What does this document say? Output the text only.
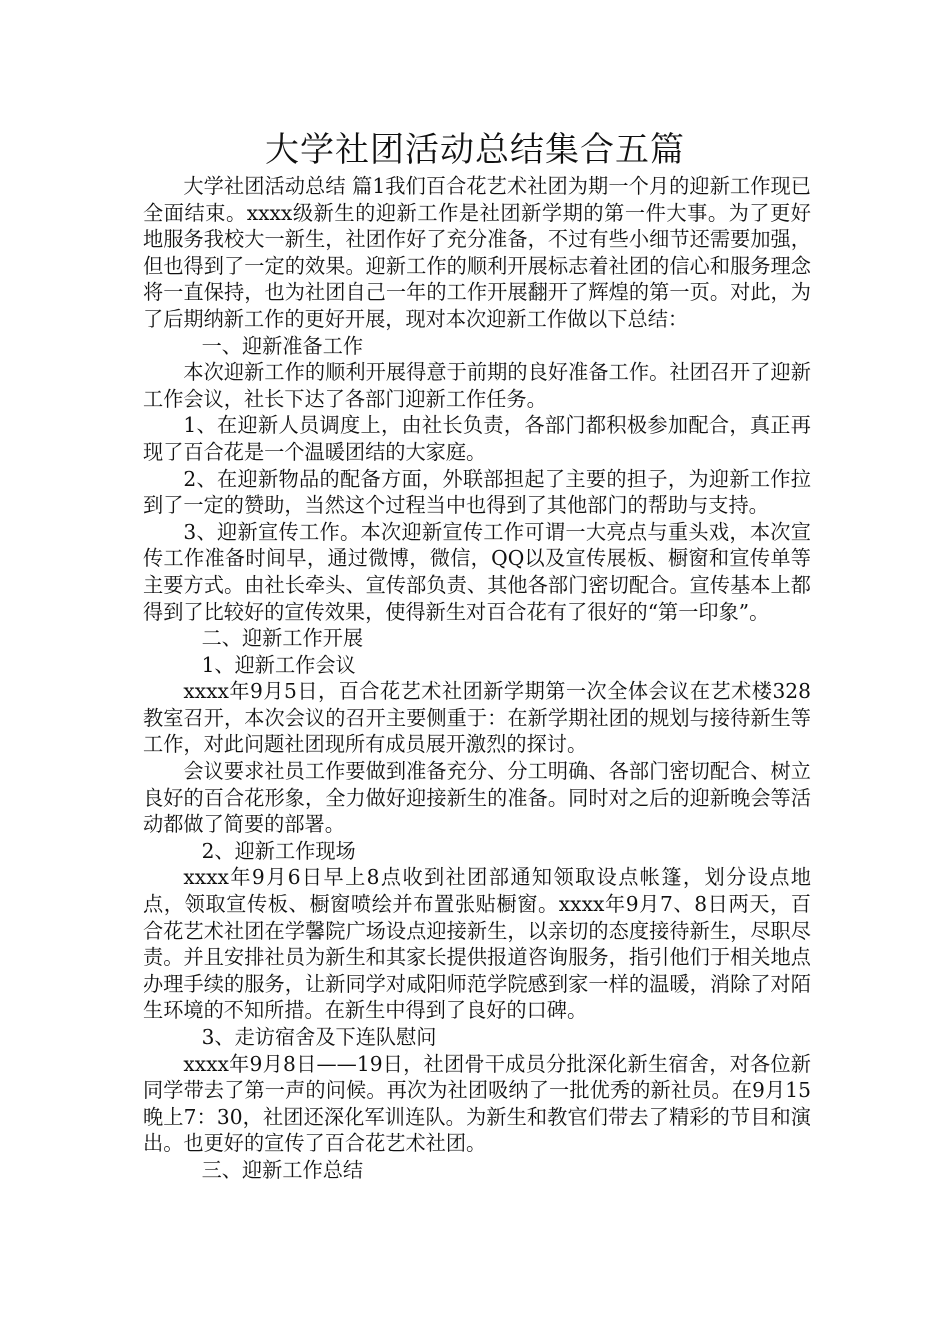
大学社团活动总结集合五篇

大学社团活动总结 篇1我们百合花艺术社团为期一个月的迎新工作现已全面结束。xxxx级新生的迎新工作是社团新学期的第一件大事。为了更好地服务我校大一新生，社团作好了充分准备，不过有些小细节还需要加强，但也得到了一定的效果。迎新工作的顺利开展标志着社团的信心和服务理念将一直保持，也为社团自己一年的工作开展翻开了辉煌的第一页。对此，为了后期纳新工作的更好开展，现对本次迎新工作做以下总结：

一、迎新准备工作

本次迎新工作的顺利开展得意于前期的良好准备工作。社团召开了迎新工作会议，社长下达了各部门迎新工作任务。

1、在迎新人员调度上，由社长负责，各部门都积极参加配合，真正再现了百合花是一个温暖团结的大家庭。

2、在迎新物品的配备方面，外联部担起了主要的担子，为迎新工作拉到了一定的赞助，当然这个过程当中也得到了其他部门的帮助与支持。

3、迎新宣传工作。本次迎新宣传工作可谓一大亮点与重头戏，本次宣传工作准备时间早，通过微博，微信，QQ以及宣传展板、橱窗和宣传单等主要方式。由社长牵头、宣传部负责、其他各部门密切配合。宣传基本上都得到了比较好的宣传效果，使得新生对百合花有了很好的“第一印象”。

二、迎新工作开展

1、迎新工作会议

xxxx年9月5日，百合花艺术社团新学期第一次全体会议在艺术楼328教室召开，本次会议的召开主要侧重于：在新学期社团的规划与接待新生等工作，对此问题社团现所有成员展开激烈的探讨。

会议要求社员工作要做到准备充分、分工明确、各部门密切配合、树立良好的百合花形象，全力做好迎接新生的准备。同时对之后的迎新晚会等活动都做了简要的部署。

2、迎新工作现场

xxxx年9月6日早上8点收到社团部通知领取设点帐篷，划分设点地点，领取宣传板、橱窗喷绘并布置张贴橱窗。xxxx年9月7、8日两天，百合花艺术社团在学馨院广场设点迎接新生，以亲切的态度接待新生，尽职尽责。并且安排社员为新生和其家长提供报道咨询服务，指引他们于相关地点办理手续的服务，让新同学对咸阳师范学院感到家一样的温暖，消除了对陌生环境的不知所措。在新生中得到了良好的口碑。

3、走访宿舍及下连队慰问

xxxx年9月8日——19日，社团骨干成员分批深化新生宿舍，对各位新同学带去了第一声的问候。再次为社团吸纳了一批优秀的新社员。在9月15晚上7：30，社团还深化军训连队。为新生和教官们带去了精彩的节目和演出。也更好的宣传了百合花艺术社团。

三、迎新工作总结
